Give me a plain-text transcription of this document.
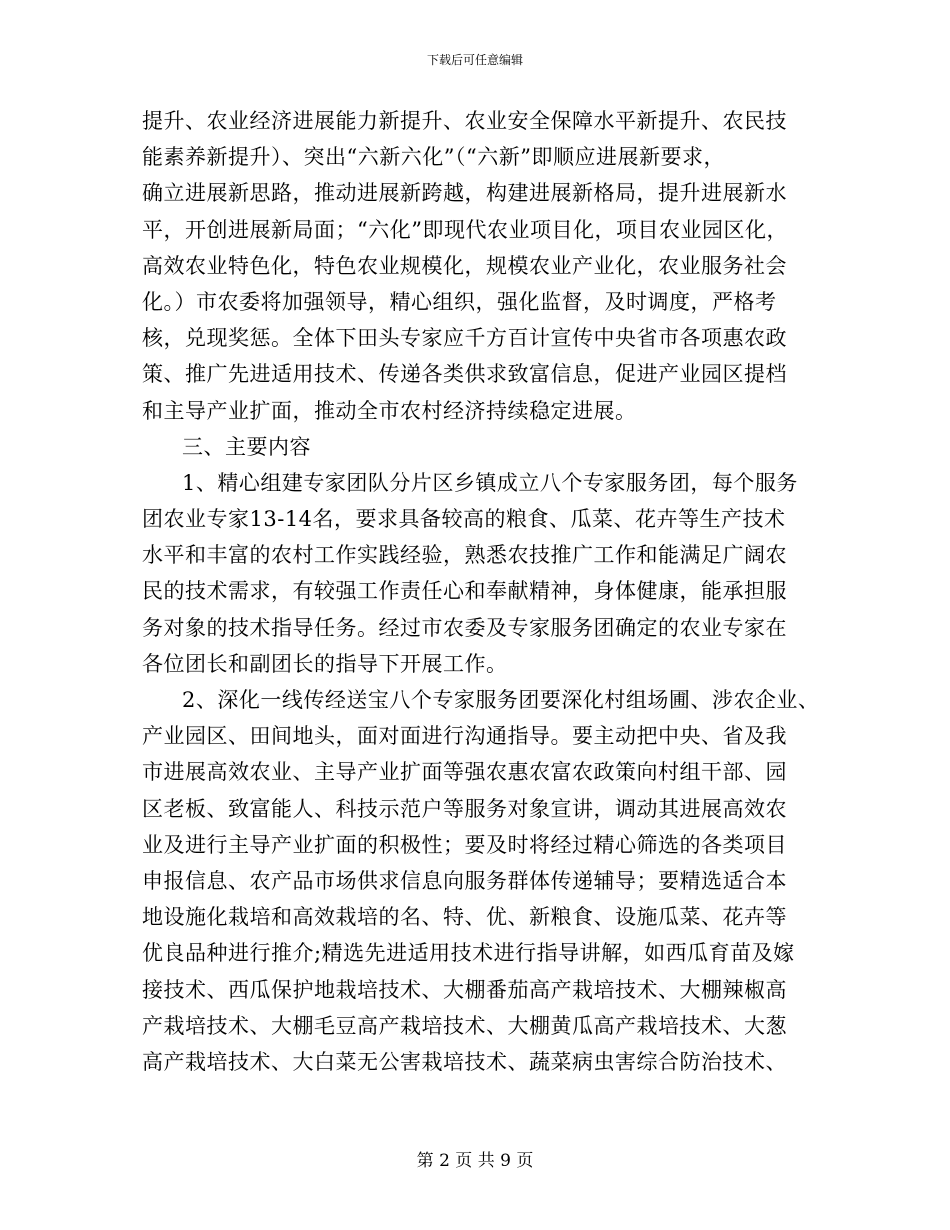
下载后可任意编辑
提升、农业经济进展能力新提升、农业安全保障水平新提升、农民技
能素养新提升）、突出“六新六化”（“六新”即顺应进展新要求，
确立进展新思路，推动进展新跨越，构建进展新格局，提升进展新水
平，开创进展新局面；“六化”即现代农业项目化，项目农业园区化，
高效农业特色化，特色农业规模化，规模农业产业化，农业服务社会
化。）市农委将加强领导，精心组织，强化监督，及时调度，严格考
核，兑现奖惩。全体下田头专家应千方百计宣传中央省市各项惠农政
策、推广先进适用技术、传递各类供求致富信息，促进产业园区提档
和主导产业扩面，推动全市农村经济持续稳定进展。
三、主要内容
1、精心组建专家团队分片区乡镇成立八个专家服务团，每个服务
团农业专家13-14名，要求具备较高的粮食、瓜菜、花卉等生产技术
水平和丰富的农村工作实践经验，熟悉农技推广工作和能满足广阔农
民的技术需求，有较强工作责任心和奉献精神，身体健康，能承担服
务对象的技术指导任务。经过市农委及专家服务团确定的农业专家在
各位团长和副团长的指导下开展工作。
2、深化一线传经送宝八个专家服务团要深化村组场圃、涉农企业、
产业园区、田间地头，面对面进行沟通指导。要主动把中央、省及我
市进展高效农业、主导产业扩面等强农惠农富农政策向村组干部、园
区老板、致富能人、科技示范户等服务对象宣讲，调动其进展高效农
业及进行主导产业扩面的积极性；要及时将经过精心筛选的各类项目
申报信息、农产品市场供求信息向服务群体传递辅导；要精选适合本
地设施化栽培和高效栽培的名、特、优、新粮食、设施瓜菜、花卉等
优良品种进行推介;精选先进适用技术进行指导讲解，如西瓜育苗及嫁
接技术、西瓜保护地栽培技术、大棚番茄高产栽培技术、大棚辣椒高
产栽培技术、大棚毛豆高产栽培技术、大棚黄瓜高产栽培技术、大葱
高产栽培技术、大白菜无公害栽培技术、蔬菜病虫害综合防治技术、
第 2 页 共 9 页
